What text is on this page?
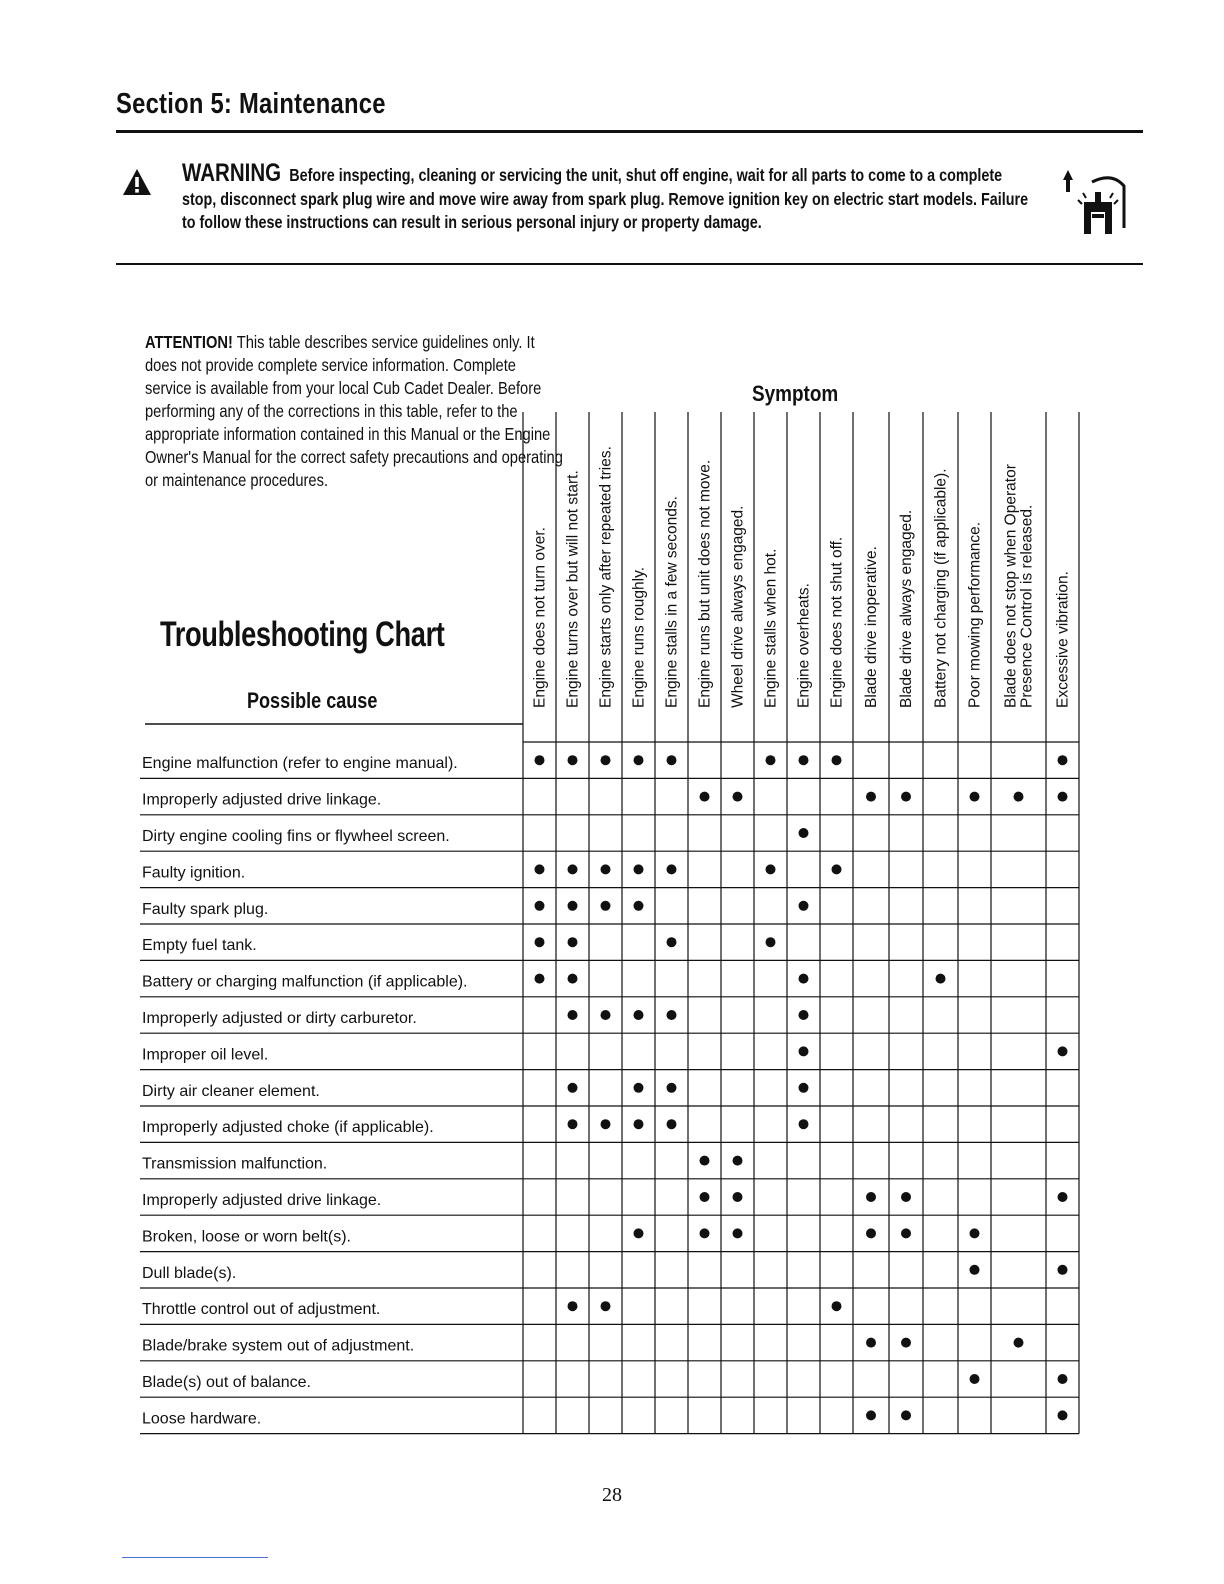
Section 5: Maintenance
WARNING Before inspecting, cleaning or servicing the unit, shut off engine, wait for all parts to come to a complete stop, disconnect spark plug wire and move wire away from spark plug. Remove ignition key on electric start models. Failure to follow these instructions can result in serious personal injury or property damage.
ATTENTION! This table describes service guidelines only. It does not provide complete service information. Complete service is available from your local Cub Cadet Dealer. Before performing any of the corrections in this table, refer to the appropriate information contained in this Manual or the Engine Owner's Manual for the correct safety precautions and operating or maintenance procedures.
Troubleshooting Chart
Possible cause
Symptom
Engine does not turn over. Engine turns over but will not start. Engine starts only after repeated tries. Engine runs roughly. Engine stalls in a few seconds. Engine runs but unit does not move. Wheel drive always engaged. Engine stalls when hot. Engine overheats. Engine does not shut off. Blade drive inoperative. Blade drive always engaged. Battery not charging (if applicable). Poor mowing performance. Blade does not stop when OperatorPresence Control is released. Excessive vibration.
Engine malfunction (refer to engine manual).
Improperly adjusted drive linkage.
Dirty engine cooling fins or flywheel screen.
Faulty ignition.
Faulty spark plug.
Empty fuel tank.
Battery or charging malfunction (if applicable).
Improperly adjusted or dirty carburetor.
Improper oil level.
Dirty air cleaner element.
Improperly adjusted choke (if applicable).
Transmission malfunction.
Improperly adjusted drive linkage.
Broken, loose or worn belt(s).
Dull blade(s).
Throttle control out of adjustment.
Blade/brake system out of adjustment.
Blade(s) out of balance.
Loose hardware.
28
